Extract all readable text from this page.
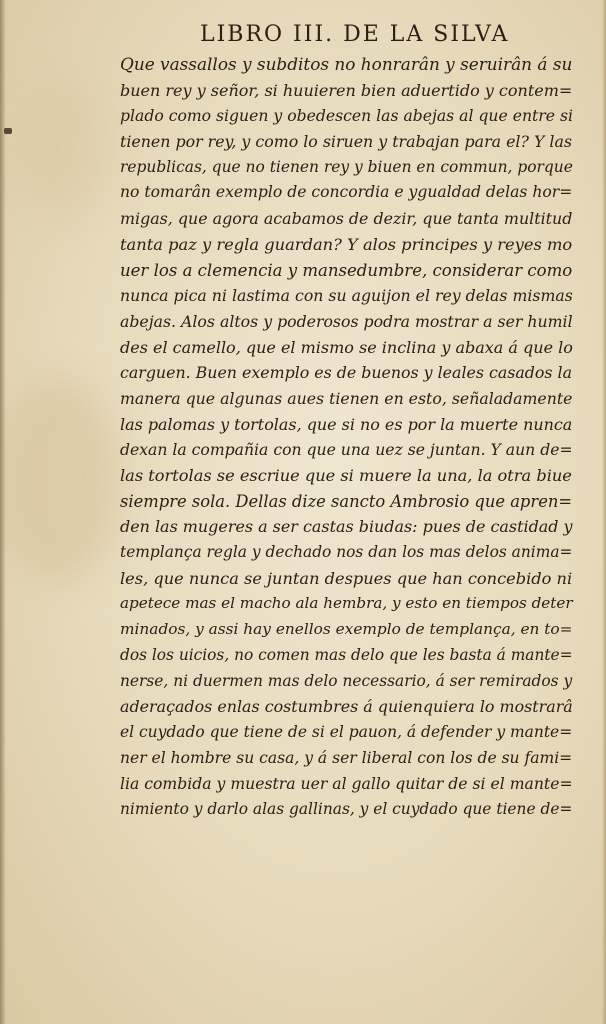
LIBRO III. DE LA SILVA
Que vassallos y subditos no honrarân y seruirân á su
buen rey y señor, si huuieren bien aduertido y contem=
plado como siguen y obedescen las abejas al que entre si
tienen por rey, y como lo siruen y trabajan para el? Y las
republicas, que no tienen rey y biuen en commun, porque
no tomarân exemplo de concordia e ygualdad delas hor=
migas, que agora acabamos de dezir, que tanta multitud
tanta paz y regla guardan? Y alos principes y reyes mo
uer los a clemencia y mansedumbre, considerar como
nunca pica ni lastima con su aguijon el rey delas mismas
abejas. Alos altos y poderosos podra mostrar a ser humil
des el camello, que el mismo se inclina y abaxa á que lo
carguen. Buen exemplo es de buenos y leales casados la
manera que algunas aues tienen en esto, señaladamente
las palomas y tortolas, que si no es por la muerte nunca
dexan la compañia con que una uez se juntan. Y aun de=
las tortolas se escriue que si muere la una, la otra biue
siempre sola. Dellas dize sancto Ambrosio que apren=
den las mugeres a ser castas biudas: pues de castidad y
templança regla y dechado nos dan los mas delos anima=
les, que nunca se juntan despues que han concebido ni
apetece mas el macho ala hembra, y esto en tiempos deter
minados, y assi hay enellos exemplo de templança, en to=
dos los uicios, no comen mas delo que les basta á mante=
nerse, ni duermen mas delo necessario, á ser remirados y
aderaçados enlas costumbres á quienquiera lo mostrarâ
el cuydado que tiene de si el pauon, á defender y mante=
ner el hombre su casa, y á ser liberal con los de su fami=
lia combida y muestra uer al gallo quitar de si el mante=
nimiento y darlo alas gallinas, y el cuydado que tiene de=
